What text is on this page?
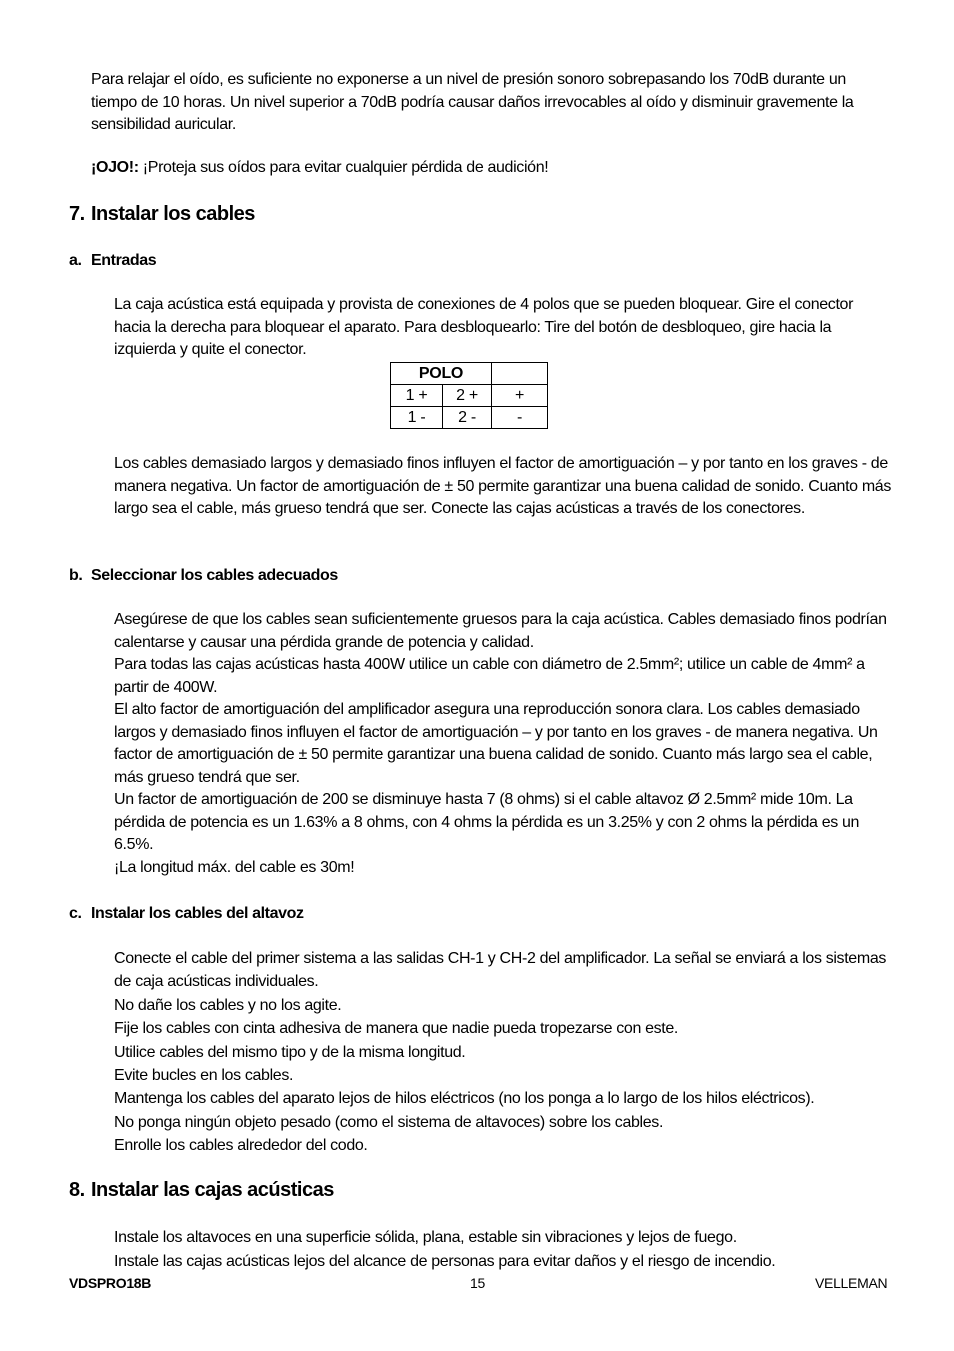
Para relajar el oído, es suficiente no exponerse a un nivel de presión sonoro sobrepasando los 70dB durante un tiempo de 10 horas. Un nivel superior a 70dB podría causar daños irrevocables al oído y disminuir gravemente la sensibilidad auricular.
¡OJO!: ¡Proteja sus oídos para evitar cualquier pérdida de audición!
7. Instalar los cables
a. Entradas
La caja acústica está equipada y provista de conexiones de 4 polos que se pueden bloquear. Gire el conector hacia la derecha para bloquear el aparato. Para desbloquearlo: Tire del botón de desbloqueo, gire hacia la izquierda y quite el conector.
POLO		
1 +	2 +	+
1 -	2 -	-
Los cables demasiado largos y demasiado finos influyen el factor de amortiguación – y por tanto en los graves - de manera negativa. Un factor de amortiguación de ± 50 permite garantizar una buena calidad de sonido. Cuanto más largo sea el cable, más grueso tendrá que ser. Conecte las cajas acústicas a través de los conectores.
b. Seleccionar los cables adecuados
Asegúrese de que los cables sean suficientemente gruesos para la caja acústica. Cables demasiado finos podrían calentarse y causar una pérdida grande de potencia y calidad.
Para todas las cajas acústicas hasta 400W utilice un cable con diámetro de 2.5mm²; utilice un cable de 4mm² a partir de 400W.
El alto factor de amortiguación del amplificador asegura una reproducción sonora clara. Los cables demasiado largos y demasiado finos influyen el factor de amortiguación – y por tanto en los graves - de manera negativa. Un factor de amortiguación de ± 50 permite garantizar una buena calidad de sonido. Cuanto más largo sea el cable, más grueso tendrá que ser.
Un factor de amortiguación de 200 se disminuye hasta 7 (8 ohms) si el cable altavoz Ø 2.5mm² mide 10m. La pérdida de potencia es un 1.63% a 8 ohms, con 4 ohms la pérdida es un 3.25% y con 2 ohms la pérdida es un 6.5%.
¡La longitud máx. del cable es 30m!
c. Instalar los cables del altavoz
Conecte el cable del primer sistema a las salidas CH-1 y CH-2 del amplificador. La señal se enviará a los sistemas de caja acústicas individuales.
No dañe los cables y no los agite.
Fije los cables con cinta adhesiva de manera que nadie pueda tropezarse con este.
Utilice cables del mismo tipo y de la misma longitud.
Evite bucles en los cables.
Mantenga los cables del aparato lejos de hilos eléctricos (no los ponga a lo largo de los hilos eléctricos).
No ponga ningún objeto pesado (como el sistema de altavoces) sobre los cables.
Enrolle los cables alrededor del codo.
8. Instalar las cajas acústicas
Instale los altavoces en una superficie sólida, plana, estable sin vibraciones y lejos de fuego.
Instale las cajas acústicas lejos del alcance de personas para evitar daños y el riesgo de incendio.
VDSPRO18B	15	VELLEMAN
